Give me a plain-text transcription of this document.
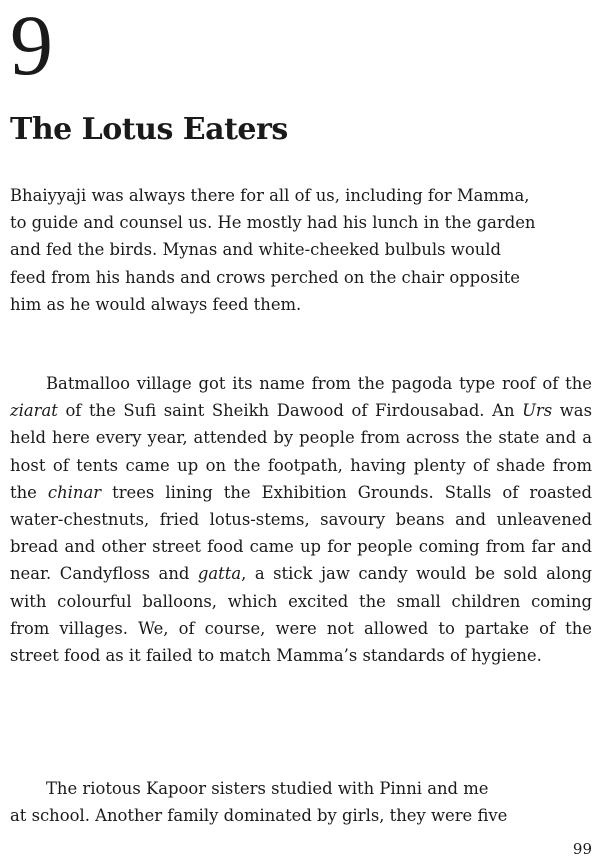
9
The Lotus Eaters

Bhaiyyaji was always there for all of us, including for Mamma,
to guide and counsel us. He mostly had his lunch in the garden
and fed the birds. Mynas and white-cheeked bulbuls would
feed from his hands and crows perched on the chair opposite
him as he would always feed them.

Batmalloo village got its name from the pagoda type roof of the ziarat of the Sufi saint Sheikh Dawood of Firdousabad. An Urs was held here every year, attended by people from across the state and a host of tents came up on the footpath, having plenty of shade from the chinar trees lining the Exhibition Grounds. Stalls of roasted water-chestnuts, fried lotus-stems, savoury beans and unleavened bread and other street food came up for people coming from far and near. Candyfloss and gatta, a stick jaw candy would be sold along with colourful balloons, which excited the small children coming from villages. We, of course, were not allowed to partake of the street food as it failed to match Mamma’s standards of hygiene.

The riotous Kapoor sisters studied with Pinni and me
at school. Another family dominated by girls, they were five

99
